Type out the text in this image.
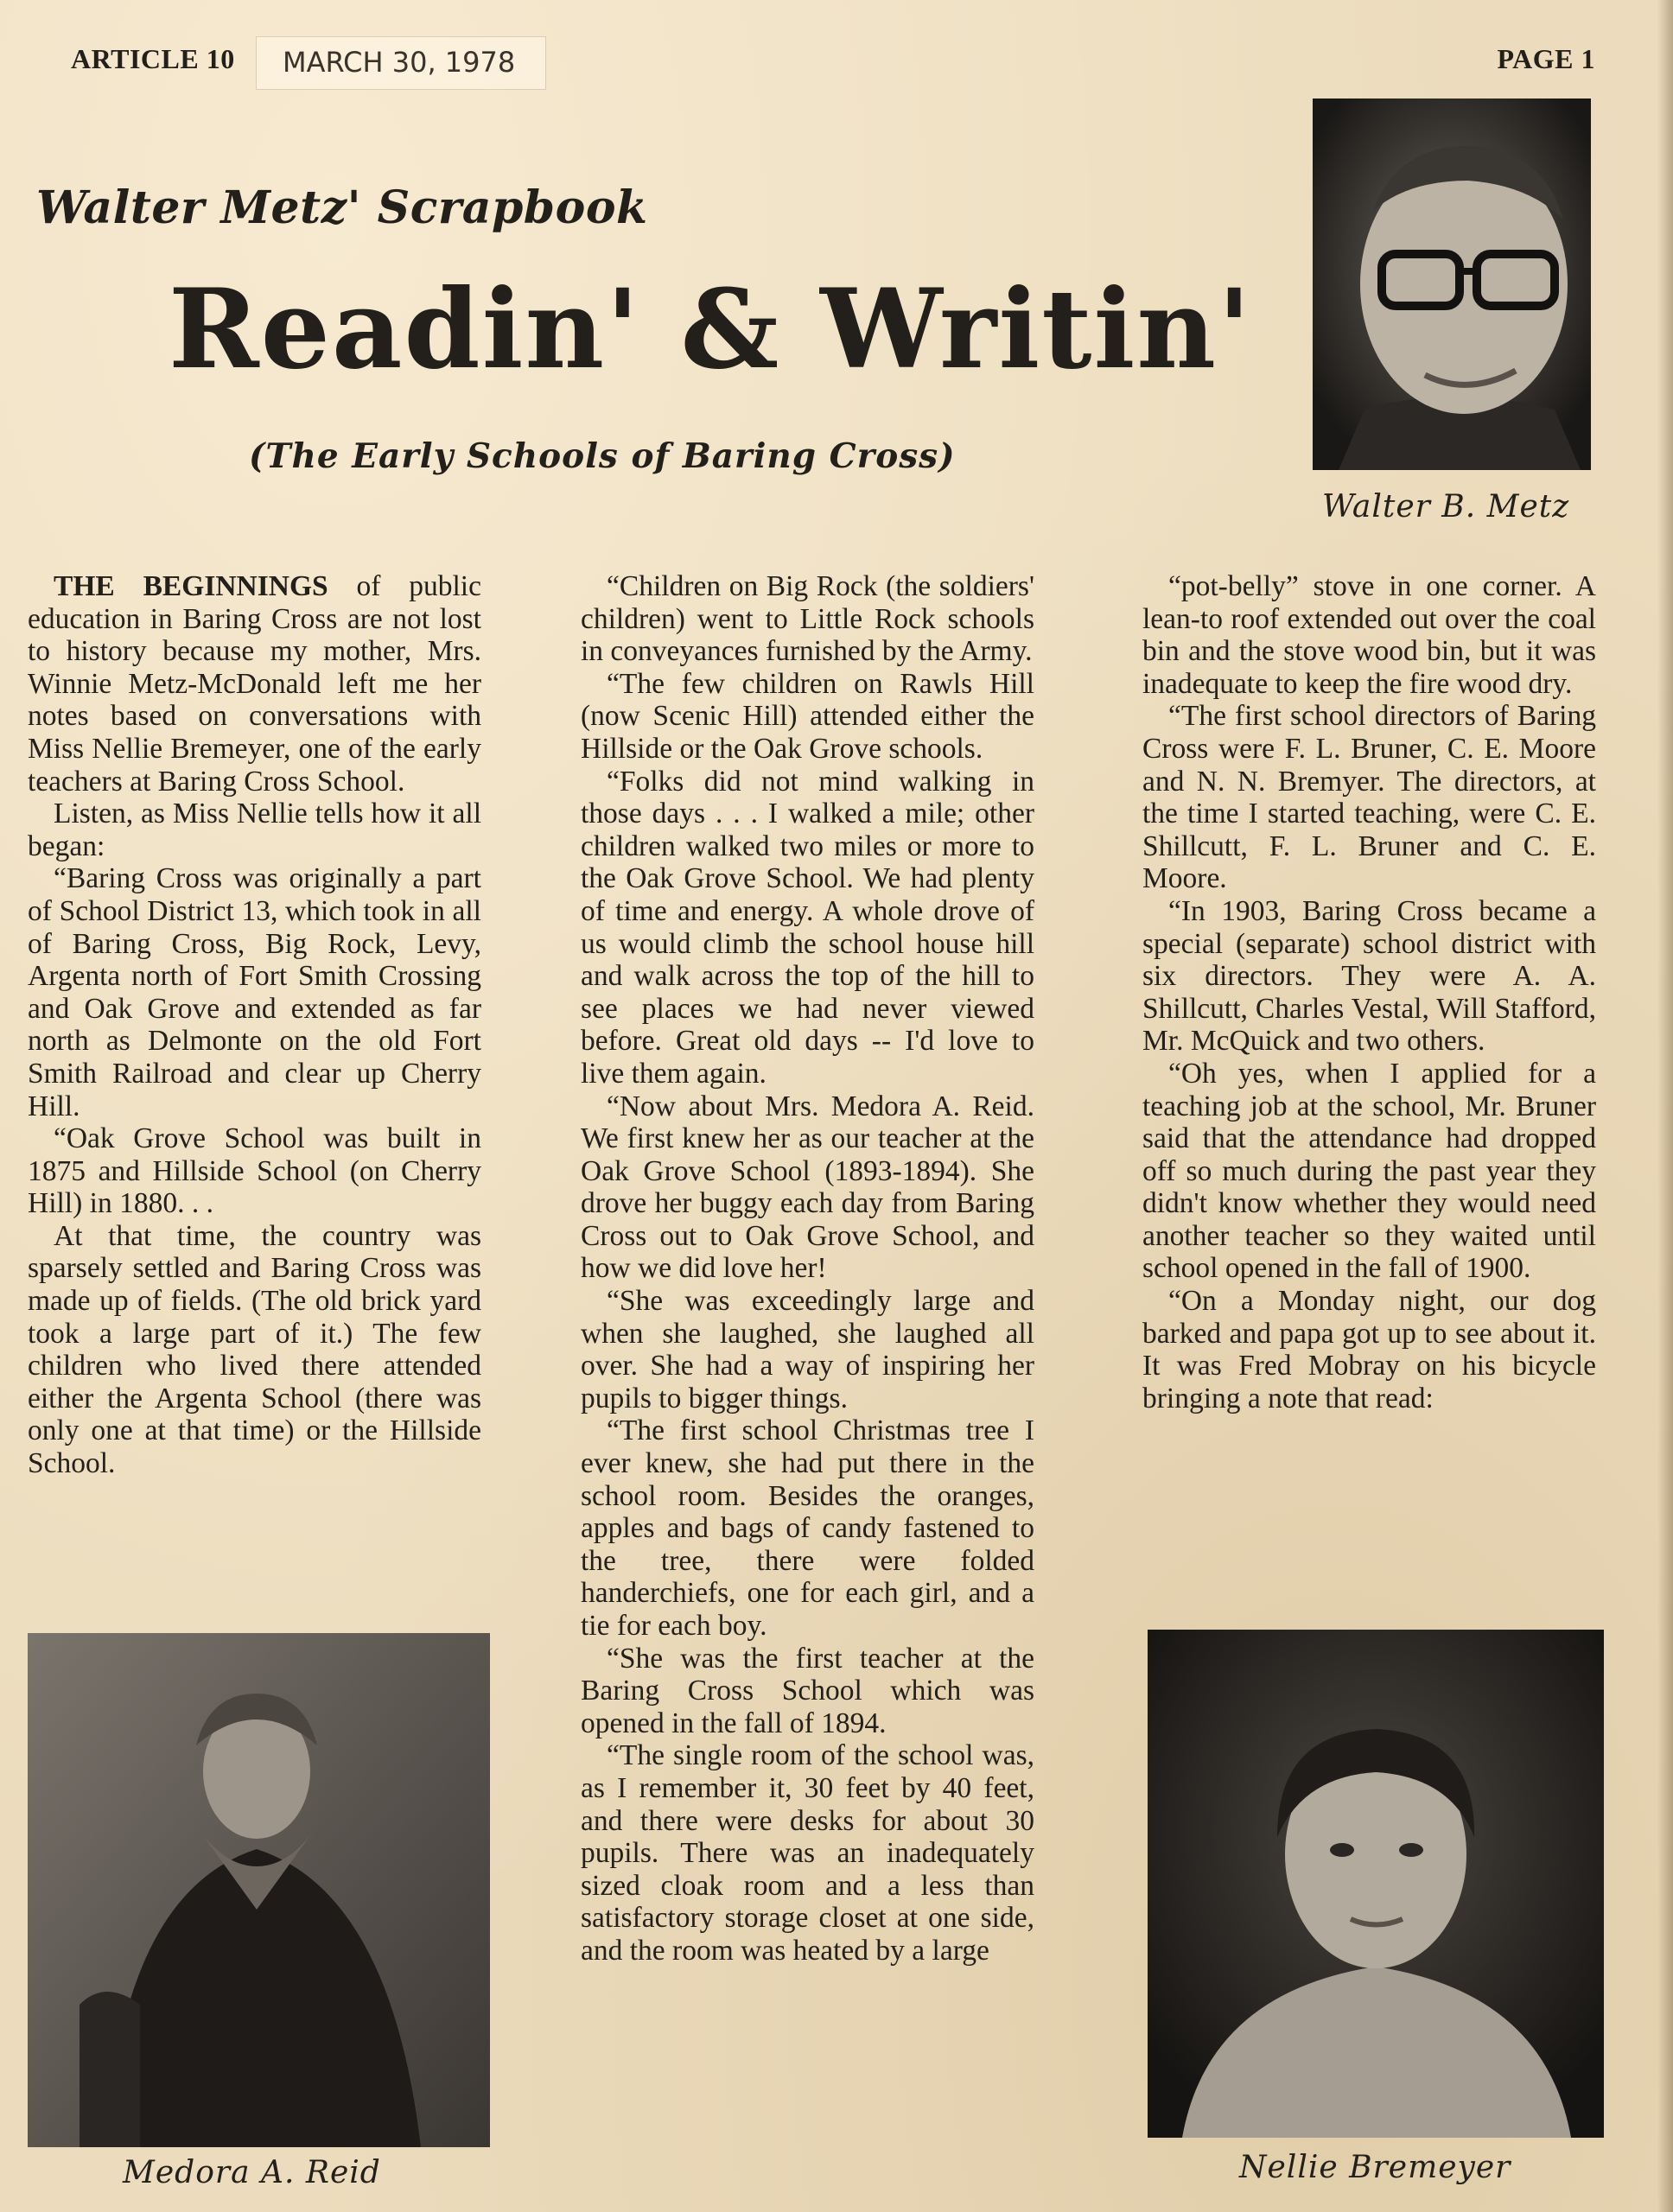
ARTICLE 10	MARCH 30, 1978	PAGE 1
Walter Metz' Scrapbook
Readin' & Writin'
(The Early Schools of Baring Cross)
Walter B. Metz
Medora A. Reid	Nellie Bremeyer

THE BEGINNINGS of public education in Baring Cross are not lost to history because my mother, Mrs. Winnie Metz-McDonald left me her notes based on conversations with Miss Nellie Bremeyer, one of the early teachers at Baring Cross School.

Listen, as Miss Nellie tells how it all began:

“Baring Cross was originally a part of School District 13, which took in all of Baring Cross, Big Rock, Levy, Argenta north of Fort Smith Crossing and Oak Grove and extended as far north as Delmonte on the old Fort Smith Railroad and clear up Cherry Hill.

“Oak Grove School was built in 1875 and Hillside School (on Cherry Hill) in 1880. . .

At that time, the country was sparsely settled and Baring Cross was made up of fields. (The old brick yard took a large part of it.) The few children who lived there attended either the Argenta School (there was only one at that time) or the Hillside School.

“Children on Big Rock (the soldiers' children) went to Little Rock schools in conveyances furnished by the Army.

“The few children on Rawls Hill (now Scenic Hill) attended either the Hillside or the Oak Grove schools.

“Folks did not mind walking in those days . . . I walked a mile; other children walked two miles or more to the Oak Grove School. We had plenty of time and energy. A whole drove of us would climb the school house hill and walk across the top of the hill to see places we had never viewed before. Great old days -- I'd love to live them again.

“Now about Mrs. Medora A. Reid. We first knew her as our teacher at the Oak Grove School (1893-1894). She drove her buggy each day from Baring Cross out to Oak Grove School, and how we did love her!

“She was exceedingly large and when she laughed, she laughed all over. She had a way of inspiring her pupils to bigger things.

“The first school Christmas tree I ever knew, she had put there in the school room. Besides the oranges, apples and bags of candy fastened to the tree, there were folded handerchiefs, one for each girl, and a tie for each boy.

“She was the first teacher at the Baring Cross School which was opened in the fall of 1894.

“The single room of the school was, as I remember it, 30 feet by 40 feet, and there were desks for about 30 pupils. There was an inadequately sized cloak room and a less than satisfactory storage closet at one side, and the room was heated by a large

“pot-belly” stove in one corner. A lean-to roof extended out over the coal bin and the stove wood bin, but it was inadequate to keep the fire wood dry.

“The first school directors of Baring Cross were F. L. Bruner, C. E. Moore and N. N. Bremyer. The directors, at the time I started teaching, were C. E. Shillcutt, F. L. Bruner and C. E. Moore.

“In 1903, Baring Cross became a special (separate) school district with six directors. They were A. A. Shillcutt, Charles Vestal, Will Stafford, Mr. McQuick and two others.

“Oh yes, when I applied for a teaching job at the school, Mr. Bruner said that the attendance had dropped off so much during the past year they didn't know whether they would need another teacher so they waited until school opened in the fall of 1900.

“On a Monday night, our dog barked and papa got up to see about it. It was Fred Mobray on his bicycle bringing a note that read:
